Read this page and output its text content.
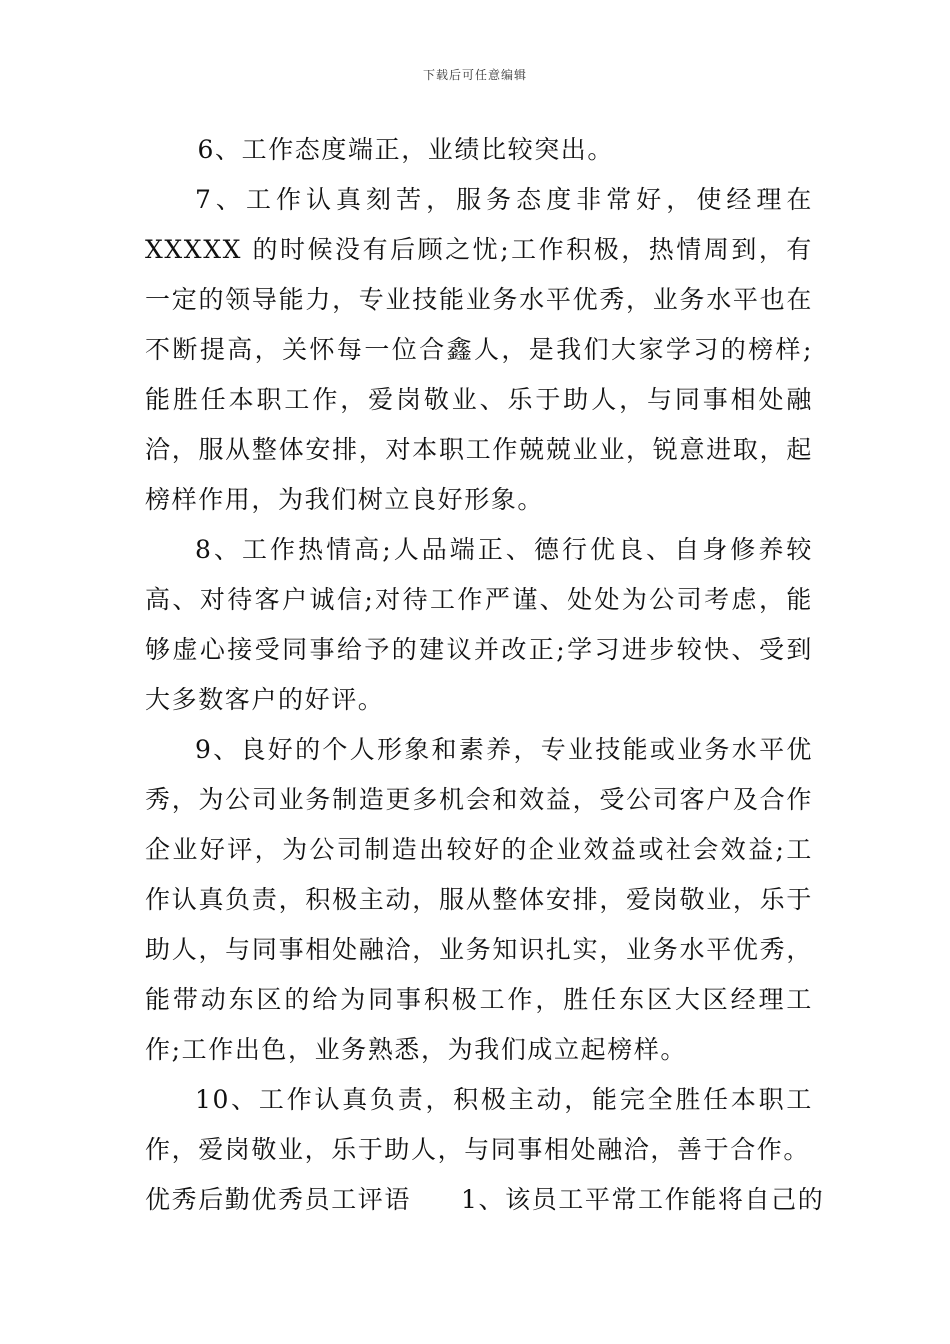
下载后可任意编辑

6、工作态度端正，业绩比较突出。

7、工作认真刻苦，服务态度非常好，使经理在 XXXXX 的时候没有后顾之忧;工作积极，热情周到，有一定的领导能力，专业技能业务水平优秀，业务水平也在不断提高，关怀每一位合鑫人，是我们大家学习的榜样;能胜任本职工作，爱岗敬业、乐于助人，与同事相处融洽，服从整体安排，对本职工作兢兢业业，锐意进取，起榜样作用，为我们树立良好形象。

8、工作热情高;人品端正、德行优良、自身修养较高、对待客户诚信;对待工作严谨、处处为公司考虑，能够虚心接受同事给予的建议并改正;学习进步较快、受到大多数客户的好评。

9、良好的个人形象和素养，专业技能或业务水平优秀，为公司业务制造更多机会和效益，受公司客户及合作企业好评，为公司制造出较好的企业效益或社会效益;工作认真负责，积极主动，服从整体安排，爱岗敬业，乐于助人，与同事相处融洽，业务知识扎实，业务水平优秀，能带动东区的给为同事积极工作，胜任东区大区经理工作;工作出色，业务熟悉，为我们成立起榜样。

10、工作认真负责，积极主动，能完全胜任本职工作，爱岗敬业，乐于助人，与同事相处融洽，善于合作。

优秀后勤优秀员工评语 1、该员工平常工作能将自己的
